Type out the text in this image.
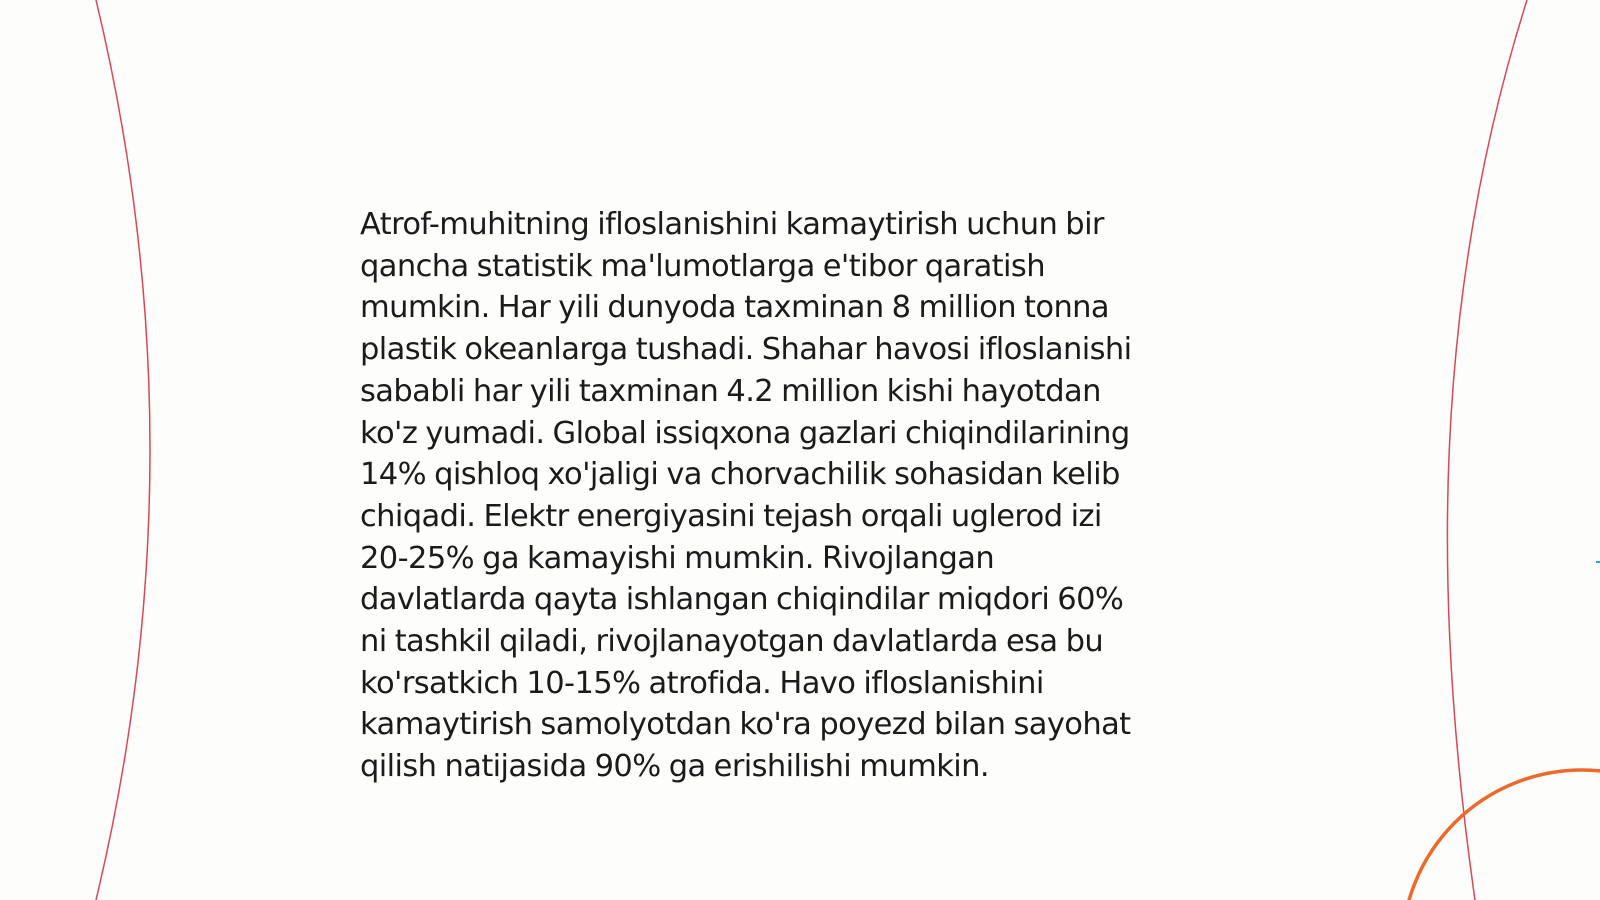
Atrof-muhitning ifloslanishini kamaytirish uchun bir
qancha statistik ma'lumotlarga e'tibor qaratish
mumkin. Har yili dunyoda taxminan 8 million tonna
plastik okeanlarga tushadi. Shahar havosi ifloslanishi
sababli har yili taxminan 4.2 million kishi hayotdan
ko'z yumadi. Global issiqxona gazlari chiqindilarining
14% qishloq xo'jaligi va chorvachilik sohasidan kelib
chiqadi. Elektr energiyasini tejash orqali uglerod izi
20-25% ga kamayishi mumkin. Rivojlangan
davlatlarda qayta ishlangan chiqindilar miqdori 60%
ni tashkil qiladi, rivojlanayotgan davlatlarda esa bu
ko'rsatkich 10-15% atrofida. Havo ifloslanishini
kamaytirish samolyotdan ko'ra poyezd bilan sayohat
qilish natijasida 90% ga erishilishi mumkin.
